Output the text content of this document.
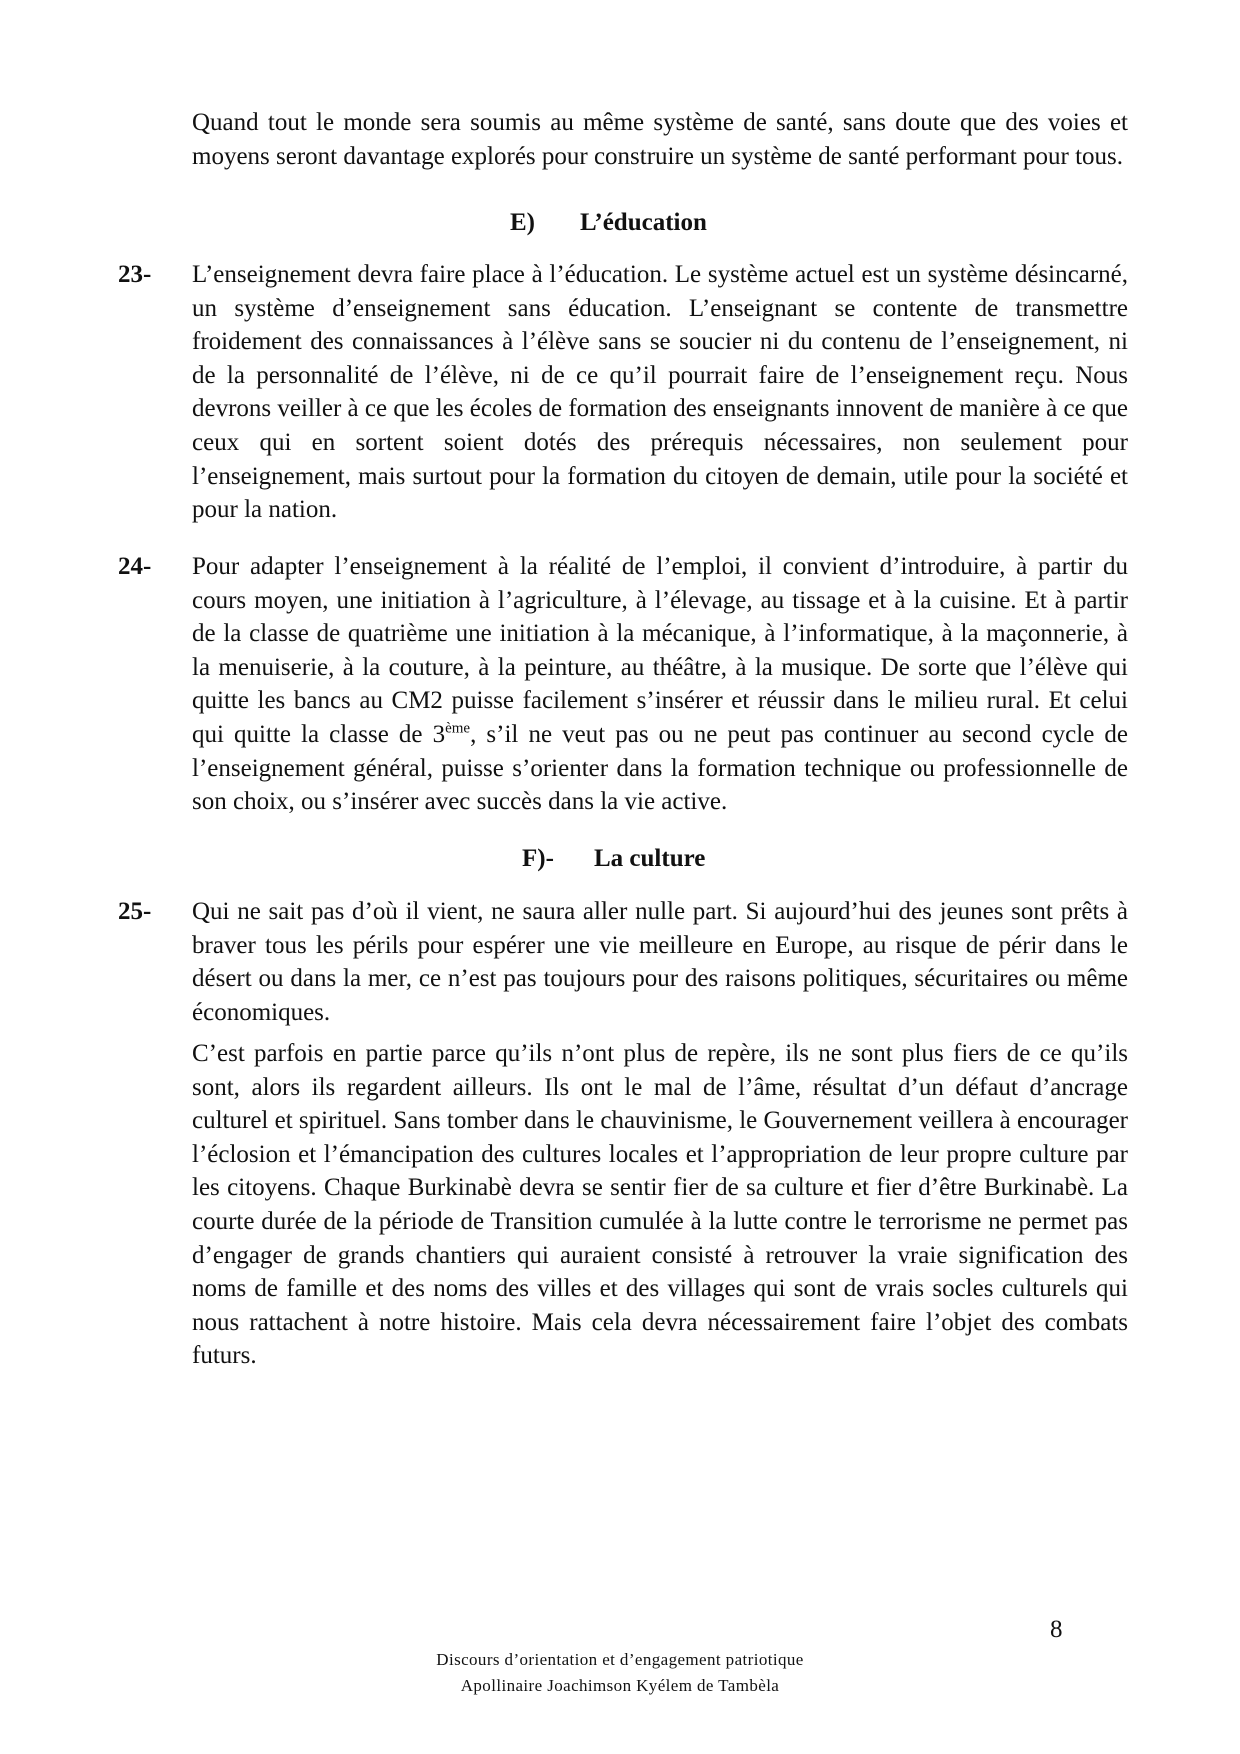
Quand tout le monde sera soumis au même système de santé, sans doute que des voies et moyens seront davantage explorés pour construire un système de santé performant pour tous.

E) L’éducation
23- L’enseignement devra faire place à l’éducation. Le système actuel est un système désincarné, un système d’enseignement sans éducation. L’enseignant se contente de transmettre froidement des connaissances à l’élève sans se soucier ni du contenu de l’enseignement, ni de la personnalité de l’élève, ni de ce qu’il pourrait faire de l’enseignement reçu. Nous devrons veiller à ce que les écoles de formation des enseignants innovent de manière à ce que ceux qui en sortent soient dotés des prérequis nécessaires, non seulement pour l’enseignement, mais surtout pour la formation du citoyen de demain, utile pour la société et pour la nation.

24- Pour adapter l’enseignement à la réalité de l’emploi, il convient d’introduire, à partir du cours moyen, une initiation à l’agriculture, à l’élevage, au tissage et à la cuisine. Et à partir de la classe de quatrième une initiation à la mécanique, à l’informatique, à la maçonnerie, à la menuiserie, à la couture, à la peinture, au théâtre, à la musique. De sorte que l’élève qui quitte les bancs au CM2 puisse facilement s’insérer et réussir dans le milieu rural. Et celui qui quitte la classe de 3ème, s’il ne veut pas ou ne peut pas continuer au second cycle de l’enseignement général, puisse s’orienter dans la formation technique ou professionnelle de son choix, ou s’insérer avec succès dans la vie active.

F)- La culture
25- Qui ne sait pas d’où il vient, ne saura aller nulle part. Si aujourd’hui des jeunes sont prêts à braver tous les périls pour espérer une vie meilleure en Europe, au risque de périr dans le désert ou dans la mer, ce n’est pas toujours pour des raisons politiques, sécuritaires ou même économiques.

C’est parfois en partie parce qu’ils n’ont plus de repère, ils ne sont plus fiers de ce qu’ils sont, alors ils regardent ailleurs. Ils ont le mal de l’âme, résultat d’un défaut d’ancrage culturel et spirituel. Sans tomber dans le chauvinisme, le Gouvernement veillera à encourager l’éclosion et l’émancipation des cultures locales et l’appropriation de leur propre culture par les citoyens. Chaque Burkinabè devra se sentir fier de sa culture et fier d’être Burkinabè. La courte durée de la période de Transition cumulée à la lutte contre le terrorisme ne permet pas d’engager de grands chantiers qui auraient consisté à retrouver la vraie signification des noms de famille et des noms des villes et des villages qui sont de vrais socles culturels qui nous rattachent à notre histoire. Mais cela devra nécessairement faire l’objet des combats futurs.

8
Discours d’orientation et d’engagement patriotique
Apollinaire Joachimson Kyélem de Tambèla
